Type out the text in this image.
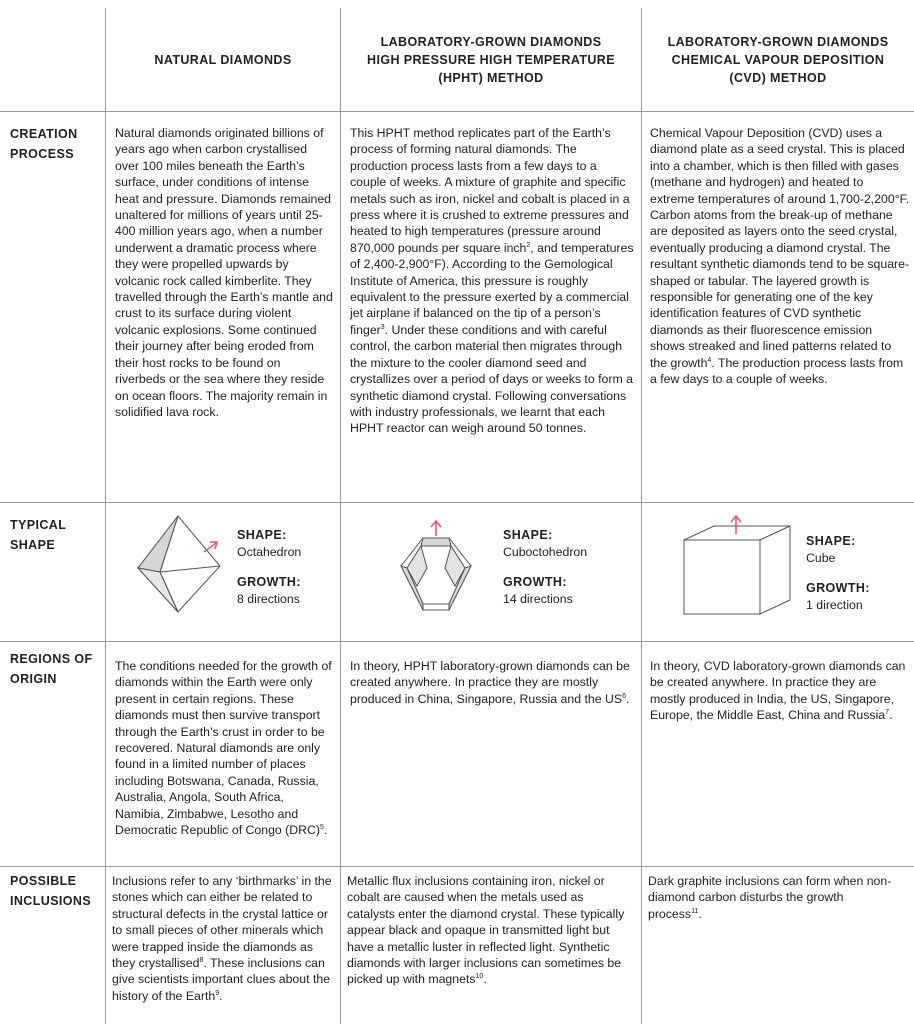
NATURAL DIAMONDS
LABORATORY-GROWN DIAMONDS
HIGH PRESSURE HIGH TEMPERATURE
(HPHT) METHOD
LABORATORY-GROWN DIAMONDS
CHEMICAL VAPOUR DEPOSITION
(CVD) METHOD
CREATION
PROCESS
Natural diamonds originated billions of years ago when carbon crystallised over 100 miles beneath the Earth’s surface, under conditions of intense heat and pressure. Diamonds remained unaltered for millions of years until 25-400 million years ago, when a number underwent a dramatic process where they were propelled upwards by volcanic rock called kimberlite. They travelled through the Earth’s mantle and crust to its surface during violent volcanic explosions. Some continued their journey after being eroded from their host rocks to be found on riverbeds or the sea where they reside on ocean floors. The majority remain in solidified lava rock.
This HPHT method replicates part of the Earth’s process of forming natural diamonds. The production process lasts from a few days to a couple of weeks. A mixture of graphite and specific metals such as iron, nickel and cobalt is placed in a press where it is crushed to extreme pressures and heated to high temperatures (pressure around 870,000 pounds per square inch$^2$, and temperatures of 2,400-2,900°F). According to the Gemological Institute of America, this pressure is roughly equivalent to the pressure exerted by a commercial jet airplane if balanced on the tip of a person’s finger$^3$. Under these conditions and with careful control, the carbon material then migrates through the mixture to the cooler diamond seed and crystallizes over a period of days or weeks to form a synthetic diamond crystal. Following conversations with industry professionals, we learnt that each HPHT reactor can weigh around 50 tonnes.
Chemical Vapour Deposition (CVD) uses a diamond plate as a seed crystal. This is placed into a chamber, which is then filled with gases (methane and hydrogen) and heated to extreme temperatures of around 1,700-2,200°F. Carbon atoms from the break-up of methane are deposited as layers onto the seed crystal, eventually producing a diamond crystal. The resultant synthetic diamonds tend to be square-shaped or tabular. The layered growth is responsible for generating one of the key identification features of CVD synthetic diamonds as their fluorescence emission shows streaked and lined patterns related to the growth$^4$. The production process lasts from a few days to a couple of weeks.
TYPICAL
SHAPE
SHAPE:
Octahedron
GROWTH:
8 directions
SHAPE:
Cuboctohedron
GROWTH:
14 directions
SHAPE:
Cube
GROWTH:
1 direction
REGIONS OF
ORIGIN
The conditions needed for the growth of diamonds within the Earth were only present in certain regions. These diamonds must then survive transport through the Earth’s crust in order to be recovered. Natural diamonds are only found in a limited number of places including Botswana, Canada, Russia, Australia, Angola, South Africa, Namibia, Zimbabwe, Lesotho and Democratic Republic of Congo (DRC)$^5$.
In theory, HPHT laboratory-grown diamonds can be created anywhere. In practice they are mostly produced in China, Singapore, Russia and the $US^6$.
In theory, CVD laboratory-grown diamonds can be created anywhere. In practice they are mostly produced in India, the US, Singapore, Europe, the Middle East, China and Russia$^7$.
POSSIBLE
INCLUSIONS
Inclusions refer to any ‘birthmarks’ in the stones which can either be related to structural defects in the crystal lattice or to small pieces of other minerals which were trapped inside the diamonds as they crystallised$^8$. These inclusions can give scientists important clues about the history of the Earth$^9$.
Metallic flux inclusions containing iron, nickel or cobalt are caused when the metals used as catalysts enter the diamond crystal. These typically appear black and opaque in transmitted light but have a metallic luster in reflected light. Synthetic diamonds with larger inclusions can sometimes be picked up with magnets$^{10}$.
Dark graphite inclusions can form when non-diamond carbon disturbs the growth process$^{11}$.
